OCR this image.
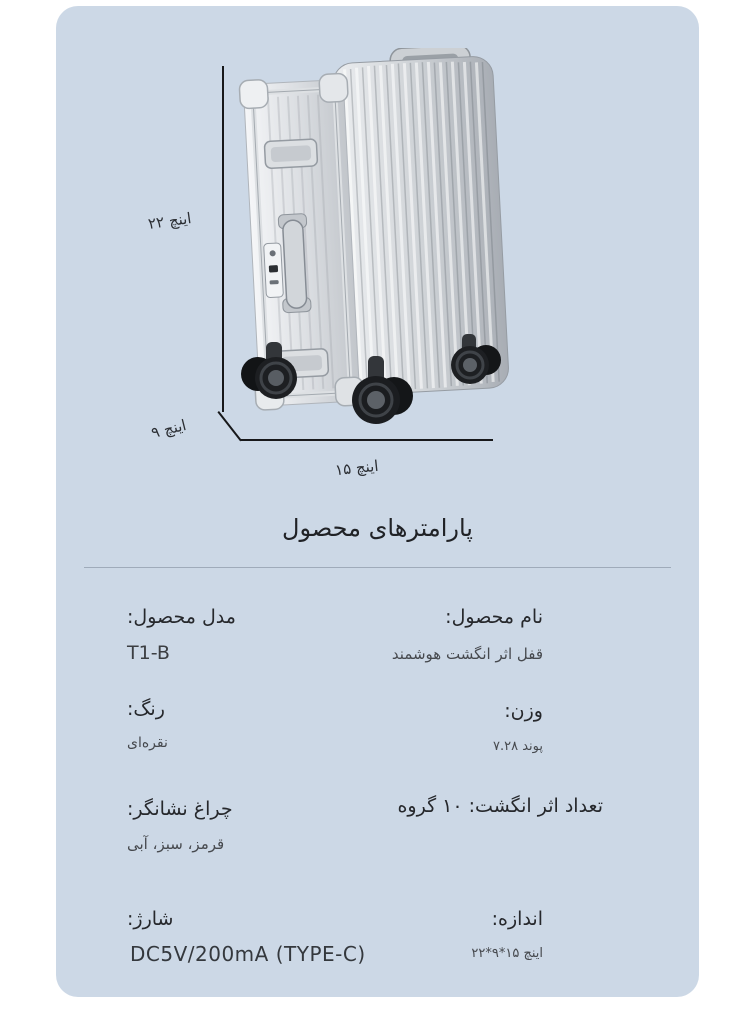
۲۲ اینچ
۹ اینچ
۱۵ اینچ
پارامترهای محصول
نام محصول:
قفل اثر انگشت هوشمند
وزن:
۷.۲۸ پوند
تعداد اثر انگشت: ۱۰ گروه
اندازه:
۲۲*۹*۱۵ اینچ
مدل محصول:
T1-B
رنگ:
نقره‌ای
چراغ نشانگر:
قرمز، سبز، آبی
شارژ:
DC5V/200mA (TYPE-C)
